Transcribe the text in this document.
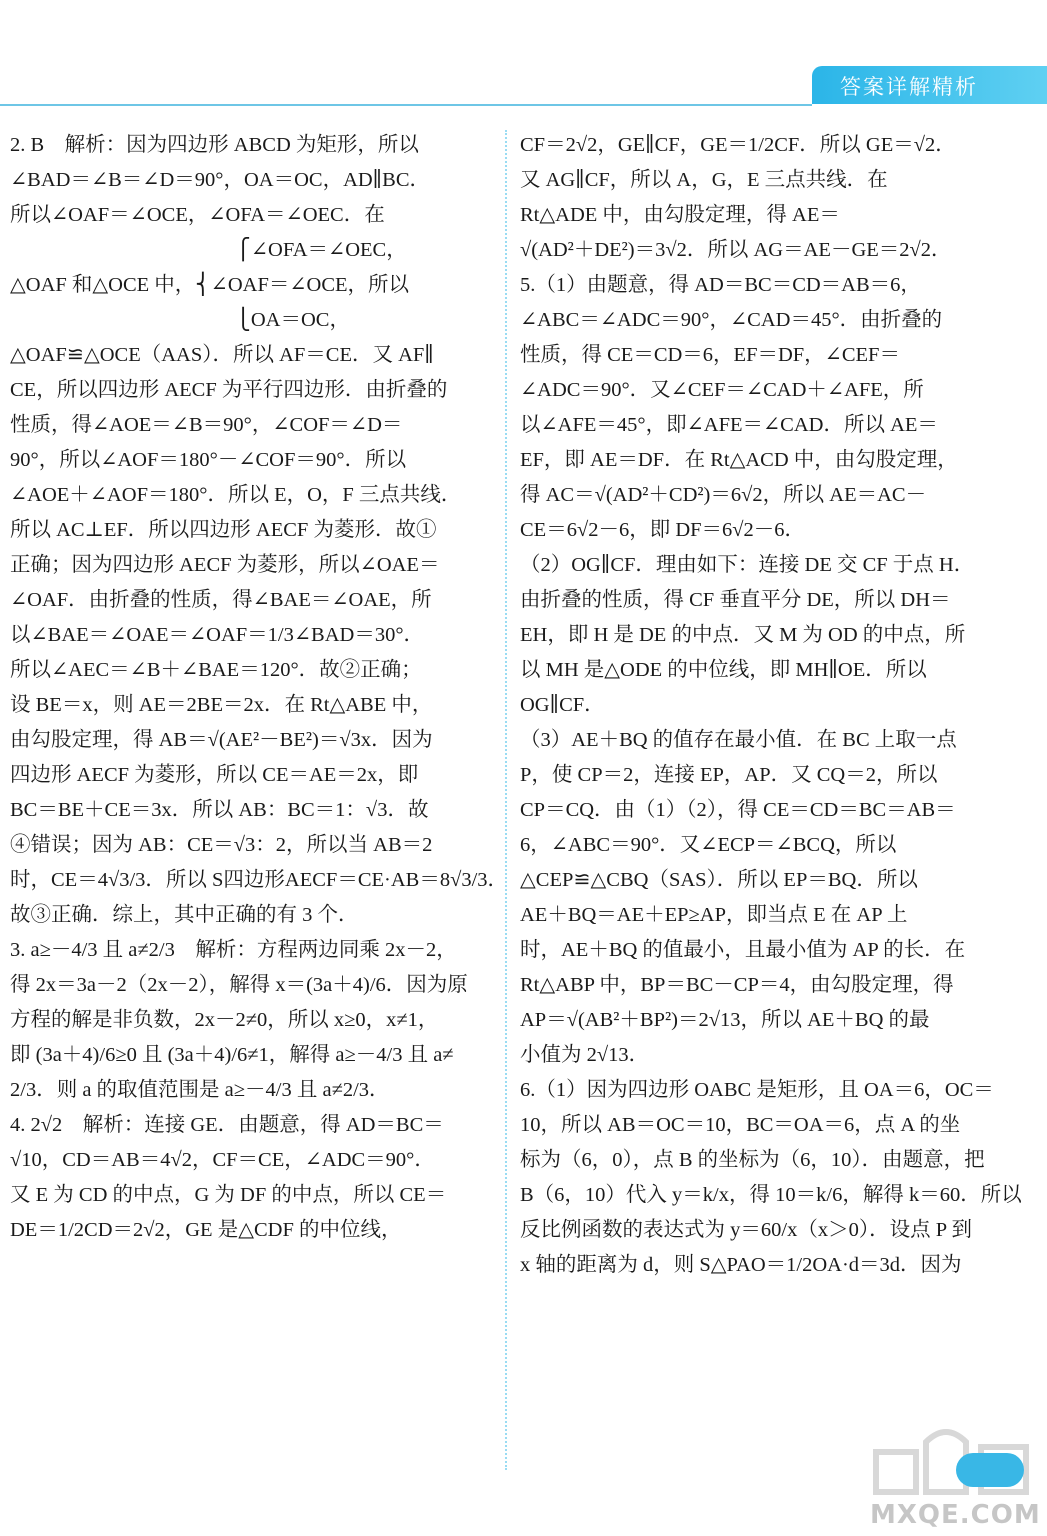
答案详解精析
2. B　解析：因为四边形 ABCD 为矩形，所以
∠BAD＝∠B＝∠D＝90°，OA＝OC，AD∥BC．
所以∠OAF＝∠OCE，∠OFA＝∠OEC．在
　　　　　　　　　　　⎧∠OFA＝∠OEC，
△OAF 和△OCE 中，⎨∠OAF＝∠OCE，所以
　　　　　　　　　　　⎩OA＝OC，
△OAF≌△OCE（AAS）．所以 AF＝CE．又 AF∥
CE，所以四边形 AECF 为平行四边形．由折叠的
性质，得∠AOE＝∠B＝90°，∠COF＝∠D＝
90°，所以∠AOF＝180°－∠COF＝90°．所以
∠AOE＋∠AOF＝180°．所以 E，O，F 三点共线．
所以 AC⊥EF．所以四边形 AECF 为菱形．故①
正确；因为四边形 AECF 为菱形，所以∠OAE＝
∠OAF．由折叠的性质，得∠BAE＝∠OAE，所
以∠BAE＝∠OAE＝∠OAF＝1/3∠BAD＝30°．
所以∠AEC＝∠B＋∠BAE＝120°．故②正确；
设 BE＝x，则 AE＝2BE＝2x．在 Rt△ABE 中，
由勾股定理，得 AB＝√(AE²－BE²)＝√3x．因为
四边形 AECF 为菱形，所以 CE＝AE＝2x，即
BC＝BE＋CE＝3x．所以 AB：BC＝1：√3．故
④错误；因为 AB：CE＝√3：2，所以当 AB＝2
时，CE＝4√3/3．所以 S四边形AECF＝CE·AB＝8√3/3．
故③正确．综上，其中正确的有 3 个．
3. a≥－4/3 且 a≠2/3　解析：方程两边同乘 2x－2，
得 2x＝3a－2（2x－2），解得 x＝(3a＋4)/6．因为原
方程的解是非负数，2x－2≠0，所以 x≥0，x≠1，
即 (3a＋4)/6≥0 且 (3a＋4)/6≠1，解得 a≥－4/3 且 a≠
2/3．则 a 的取值范围是 a≥－4/3 且 a≠2/3．
4. 2√2　解析：连接 GE．由题意，得 AD＝BC＝
√10，CD＝AB＝4√2，CF＝CE，∠ADC＝90°．
又 E 为 CD 的中点，G 为 DF 的中点，所以 CE＝
DE＝1/2CD＝2√2，GE 是△CDF 的中位线，
CF＝2√2，GE∥CF，GE＝1/2CF．所以 GE＝√2．
又 AG∥CF，所以 A，G，E 三点共线．在
Rt△ADE 中，由勾股定理，得 AE＝
√(AD²＋DE²)＝3√2．所以 AG＝AE－GE＝2√2．
5.（1）由题意，得 AD＝BC＝CD＝AB＝6，
∠ABC＝∠ADC＝90°，∠CAD＝45°．由折叠的
性质，得 CE＝CD＝6，EF＝DF，∠CEF＝
∠ADC＝90°．又∠CEF＝∠CAD＋∠AFE，所
以∠AFE＝45°，即∠AFE＝∠CAD．所以 AE＝
EF，即 AE＝DF．在 Rt△ACD 中，由勾股定理，
得 AC＝√(AD²＋CD²)＝6√2，所以 AE＝AC－
CE＝6√2－6，即 DF＝6√2－6．
（2）OG∥CF．理由如下：连接 DE 交 CF 于点 H．
由折叠的性质，得 CF 垂直平分 DE，所以 DH＝
EH，即 H 是 DE 的中点．又 M 为 OD 的中点，所
以 MH 是△ODE 的中位线，即 MH∥OE．所以
OG∥CF．
（3）AE＋BQ 的值存在最小值．在 BC 上取一点
P，使 CP＝2，连接 EP，AP．又 CQ＝2，所以
CP＝CQ．由（1）（2），得 CE＝CD＝BC＝AB＝
6，∠ABC＝90°．又∠ECP＝∠BCQ，所以
△CEP≌△CBQ（SAS）．所以 EP＝BQ．所以
AE＋BQ＝AE＋EP≥AP，即当点 E 在 AP 上
时，AE＋BQ 的值最小，且最小值为 AP 的长．在
Rt△ABP 中，BP＝BC－CP＝4，由勾股定理，得
AP＝√(AB²＋BP²)＝2√13，所以 AE＋BQ 的最
小值为 2√13．
6.（1）因为四边形 OABC 是矩形，且 OA＝6，OC＝
10，所以 AB＝OC＝10，BC＝OA＝6，点 A 的坐
标为（6，0），点 B 的坐标为（6，10）．由题意，把
B（6，10）代入 y＝k/x，得 10＝k/6，解得 k＝60．所以
反比例函数的表达式为 y＝60/x（x＞0）．设点 P 到
x 轴的距离为 d，则 S△PAO＝1/2OA·d＝3d．因为
MXQE.COM
